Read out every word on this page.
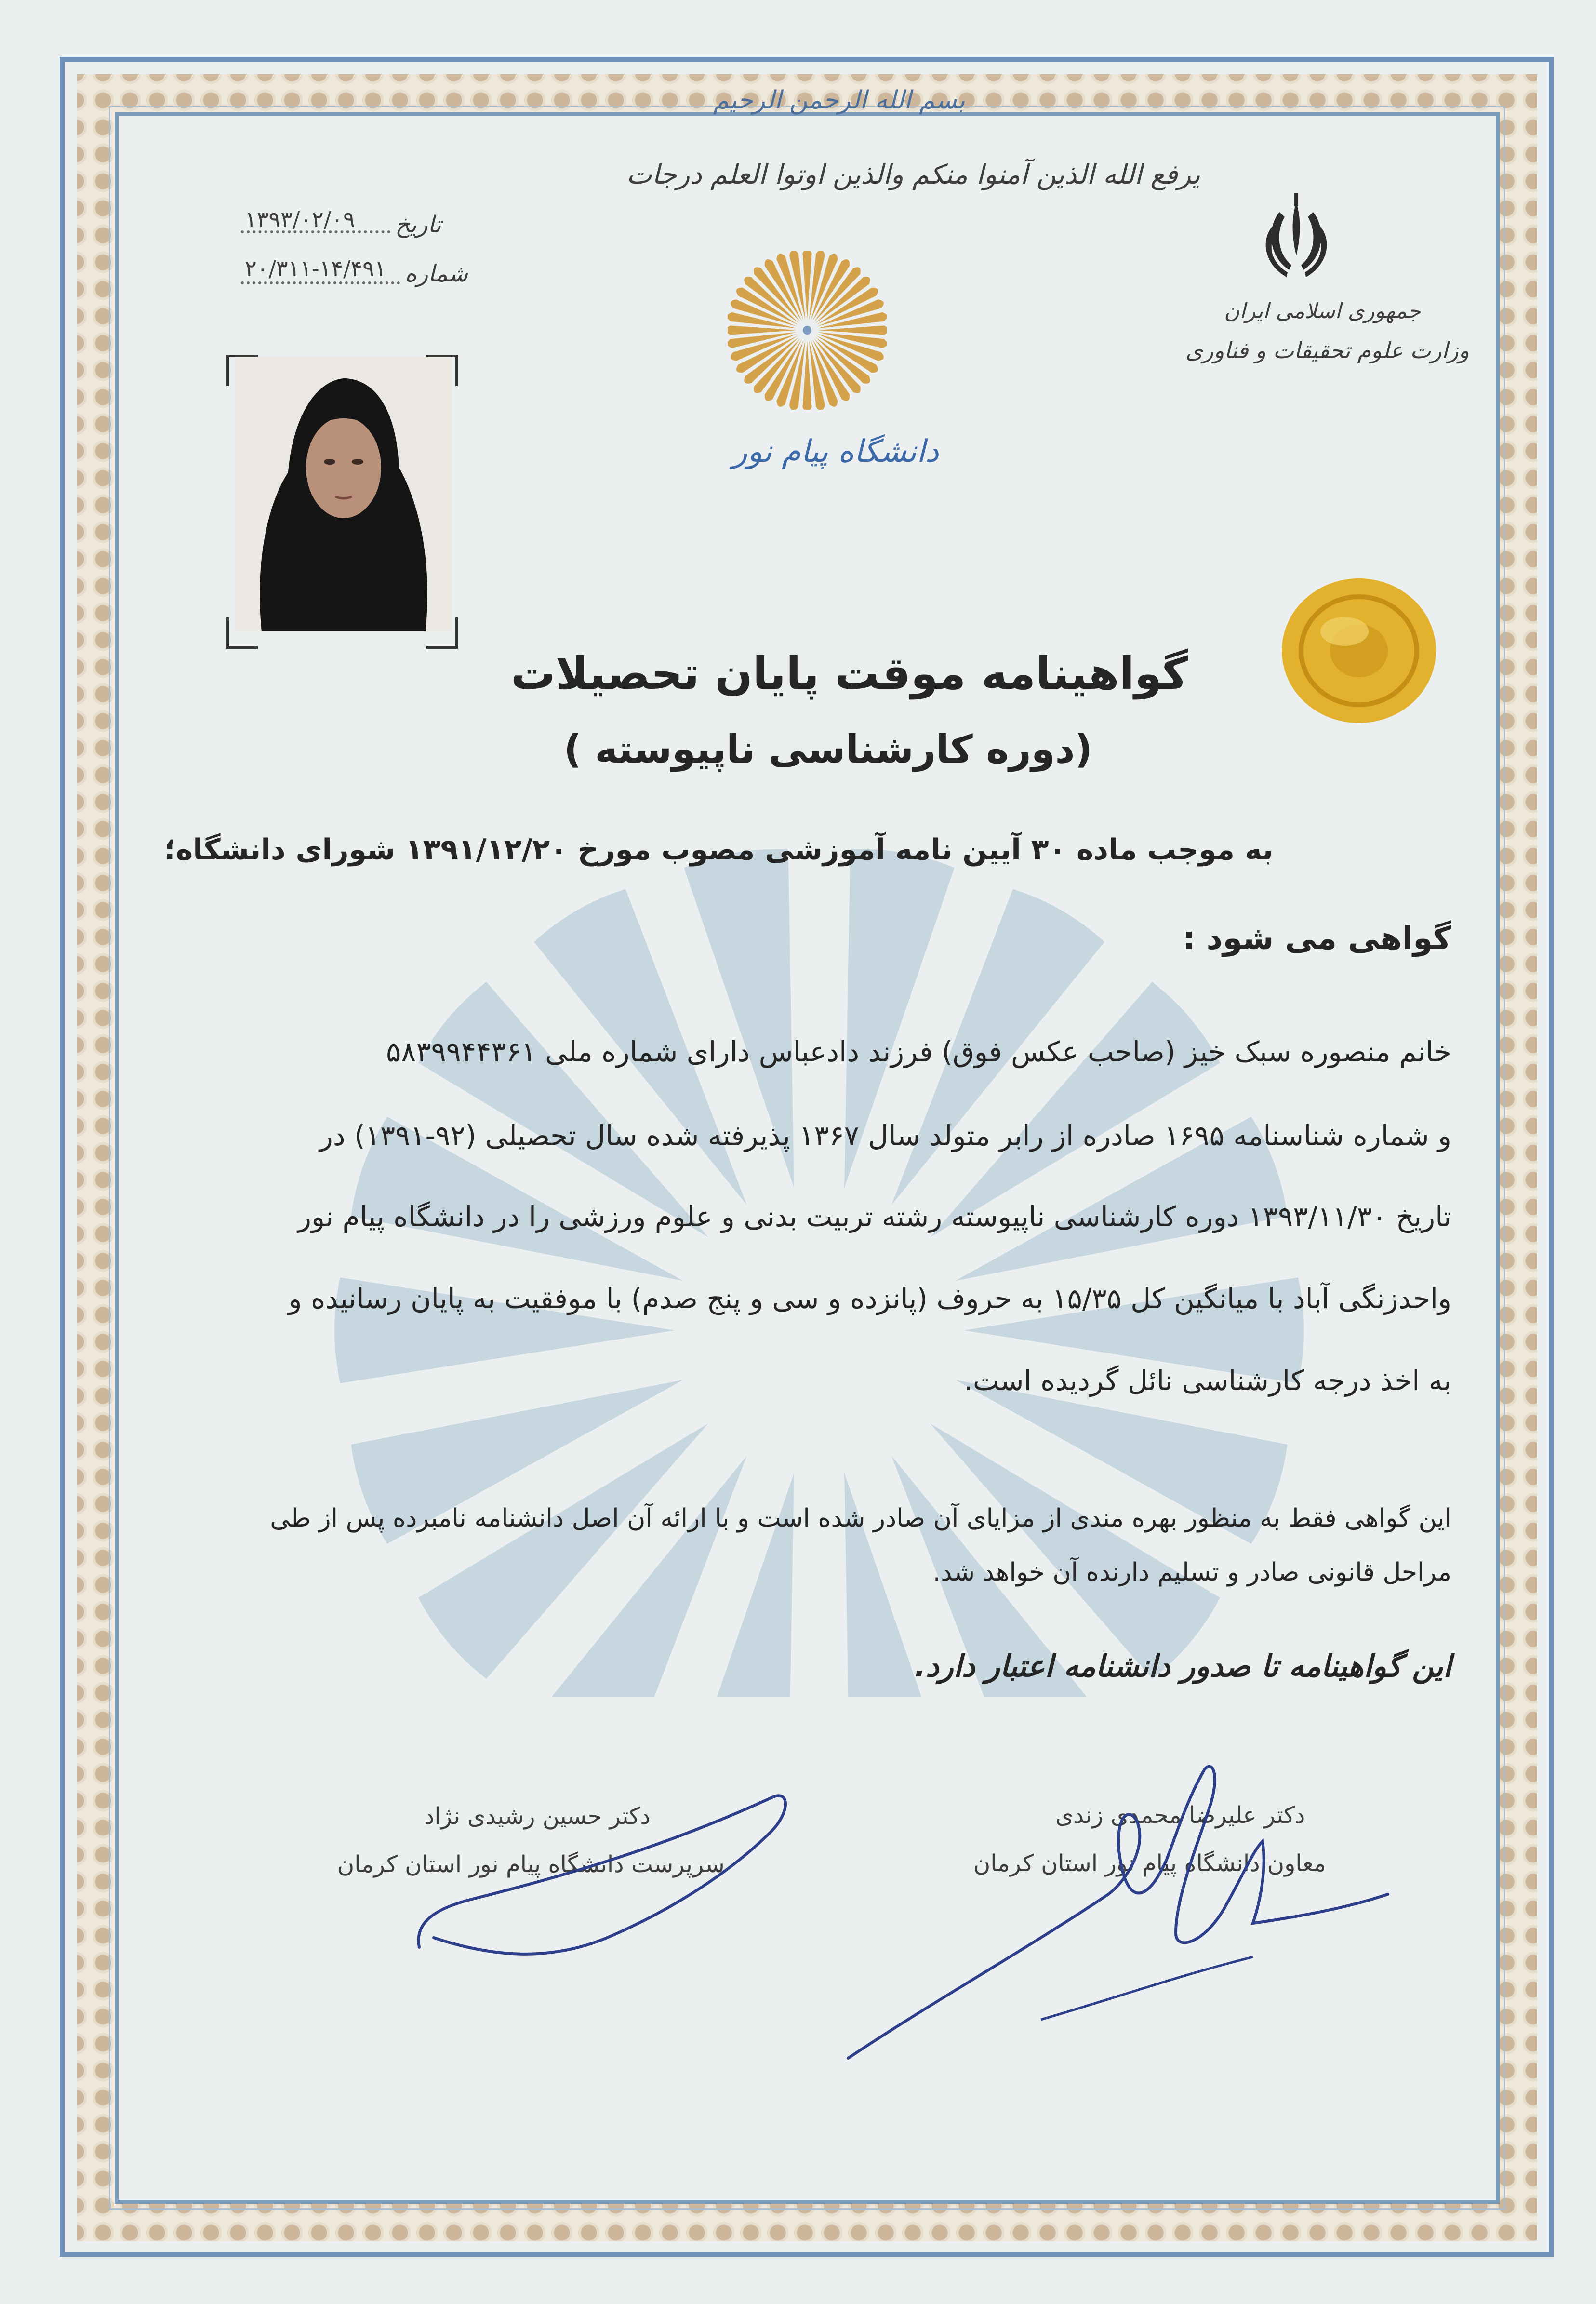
بسم الله الرحمن الرحيم
یرفع الله الذین آمنوا منکم والذین اوتوا العلم درجات
تاریخ
۱۳۹۳/۰۲/۰۹
شماره
۲۰/۳۱۱-۱۴/۴۹۱
جمهوری اسلامی ایران
وزارت علوم تحقیقات و فناوری
دانشگاه پیام نور
گواهینامه موقت پایان تحصیلات
(دوره کارشناسی ناپیوسته )
به موجب ماده ۳۰ آیین نامه آموزشی مصوب مورخ ۱۳۹۱/۱۲/۲۰ شورای دانشگاه؛
گواهی می شود :
خانم منصوره سبک خیز (صاحب عکس فوق) فرزند دادعباس دارای شماره ملی ۵۸۳۹۹۴۴۳۶۱
و شماره شناسنامه ۱۶۹۵ صادره از رابر متولد سال ۱۳۶۷ پذیرفته شده سال تحصیلی (۹۲-۱۳۹۱) در
تاریخ ۱۳۹۳/۱۱/۳۰ دوره کارشناسی ناپیوسته رشته تربیت بدنی و علوم ورزشی را در دانشگاه پیام نور
واحدزنگی آباد با میانگین کل ۱۵/۳۵ به حروف (پانزده و سی و پنج صدم) با موفقیت به پایان رسانیده و
به اخذ درجه کارشناسی نائل گردیده است.
این گواهی فقط به منظور بهره مندی از مزایای آن صادر شده است و با ارائه آن اصل دانشنامه نامبرده پس از طی
مراحل قانونی صادر و تسلیم دارنده آن خواهد شد.
این گواهینامه تا صدور دانشنامه اعتبار دارد.
دکتر علیرضا محمدی زندی
معاون دانشگاه پیام نور استان کرمان
دکتر حسین رشیدی نژاد
سرپرست دانشگاه پیام نور استان کرمان
